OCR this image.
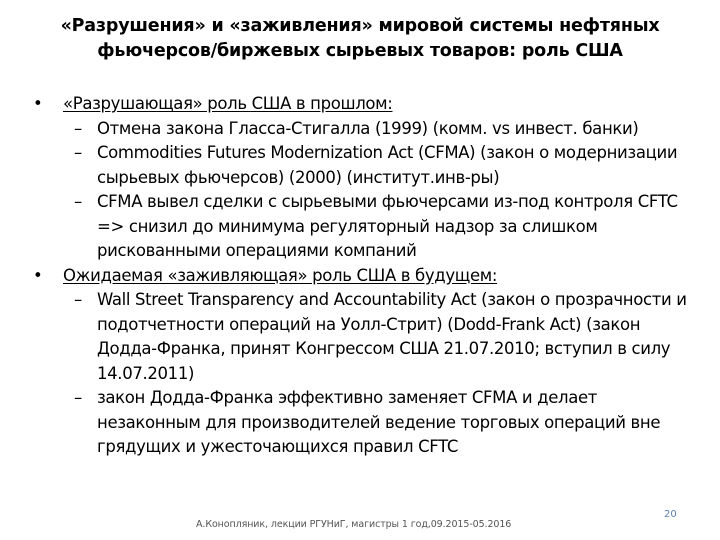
«Разрушения» и «заживления» мировой системы нефтяных
фьючерсов/биржевых сырьевых товаров: роль США
• «Разрушающая» роль США в прошлом:
– Отмена закона Гласса-Стигалла (1999) (комм. vs инвест. банки)
– Commodities Futures Modernization Act (CFMA) (закон о модернизации сырьевых фьючерсов) (2000) (институт.инв-ры)
– CFMA вывел сделки с сырьевыми фьючерсами из-под контроля CFTC => снизил до минимума регуляторный надзор за слишком рискованными операциями компаний
• Ожидаемая «заживляющая» роль США в будущем:
– Wall Street Transparency and Accountability Act (закон о прозрачности и подотчетности операций на Уолл-Стрит) (Dodd-Frank Act) (закон Додда-Франка, принят Конгрессом США 21.07.2010; вступил в силу 14.07.2011)
– закон Додда-Франка эффективно заменяет CFMA и делает незаконным для производителей ведение торговых операций вне грядущих и ужесточающихся правил CFTC
А.Конопляник, лекции РГУНиГ, магистры 1 год,09.2015-05.2016
20
